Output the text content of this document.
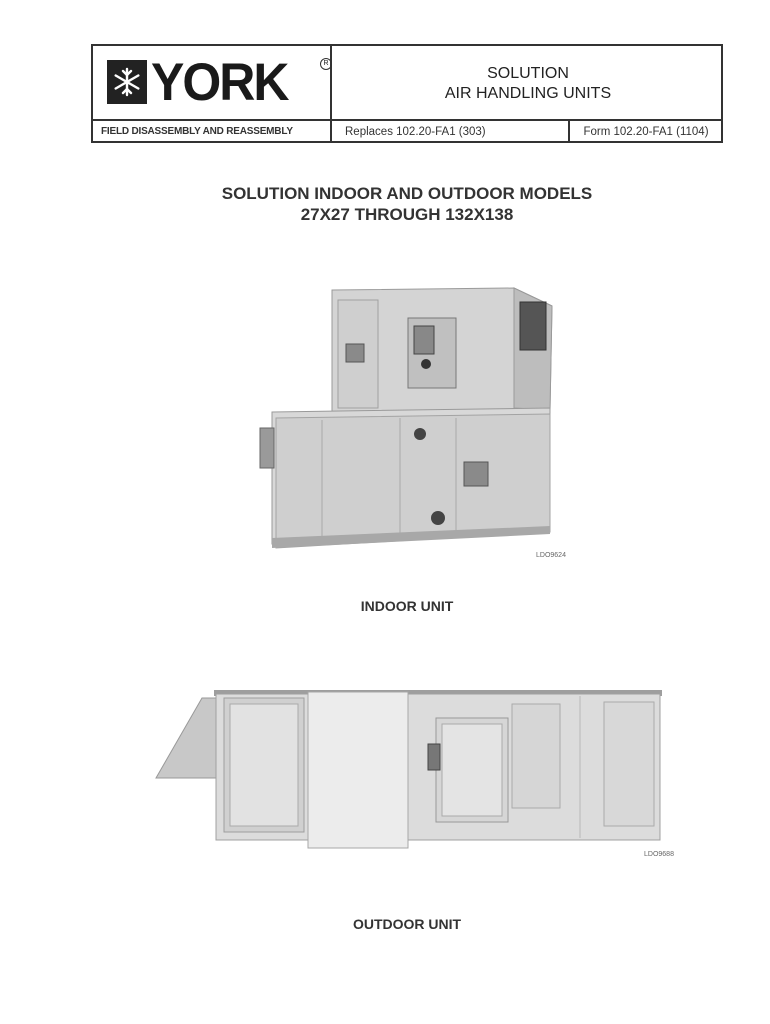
YORK	R
SOLUTION
AIR HANDLING UNITS
FIELD DISASSEMBLY AND REASSEMBLY	Replaces 102.20-FA1 (303)	Form 102.20-FA1 (1104)
SOLUTION INDOOR AND OUTDOOR MODELS
27X27 THROUGH 132X138
LDO9624
INDOOR UNIT
LDO9688
OUTDOOR UNIT
